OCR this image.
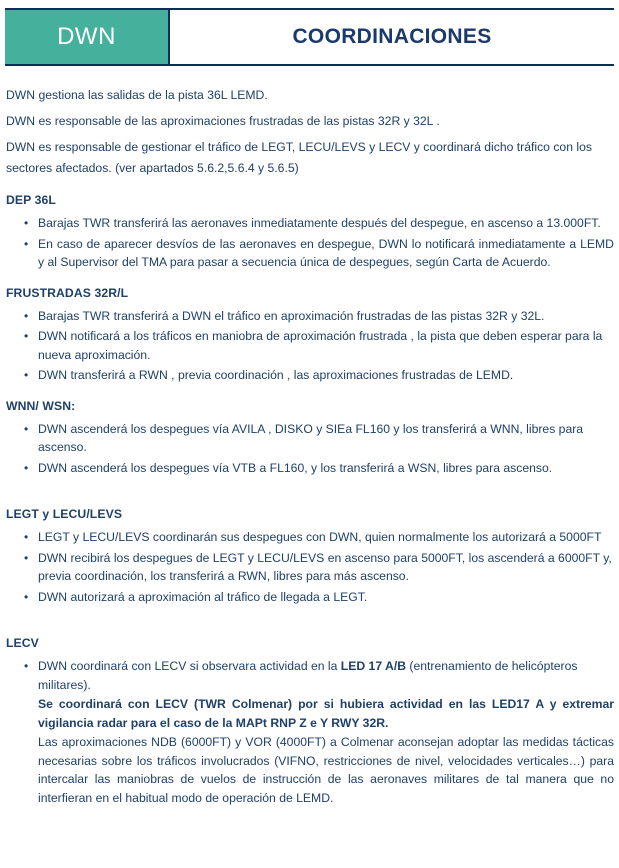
DWN	COORDINACIONES

DWN gestiona las salidas de la pista 36L LEMD.

DWN es responsable de las aproximaciones frustradas de las pistas 32R y 32L .

DWN es responsable de gestionar el tráfico de LEGT, LECU/LEVS y LECV y coordinará dicho tráfico con los sectores afectados. (ver apartados 5.6.2,5.6.4 y 5.6.5)

DEP 36L
• Barajas TWR transferirá las aeronaves inmediatamente después del despegue, en ascenso a 13.000FT.
• En caso de aparecer desvíos de las aeronaves en despegue, DWN lo notificará inmediatamente a LEMD y al Supervisor del TMA para pasar a secuencia única de despegues, según Carta de Acuerdo.
FRUSTRADAS 32R/L
• Barajas TWR transferirá a DWN el tráfico en aproximación frustradas de las pistas 32R y 32L.
• DWN notificará a los tráficos en maniobra de aproximación frustrada , la pista que deben esperar para la nueva aproximación.
• DWN transferirá a RWN , previa coordinación , las aproximaciones frustradas de LEMD.
WNN/ WSN:
• DWN ascenderá los despegues vía AVILA , DISKO y SIEa FL160 y los transferirá a WNN, libres para ascenso.
• DWN ascenderá los despegues vía VTB a FL160, y los transferirá a WSN, libres para ascenso.
LEGT y LECU/LEVS
• LEGT y LECU/LEVS coordinarán sus despegues con DWN, quien normalmente los autorizará a 5000FT
• DWN recibirá los despegues de LEGT y LECU/LEVS en ascenso para 5000FT, los ascenderá a 6000FT y, previa coordinación, los transferirá a RWN, libres para más ascenso.
• DWN autorizará a aproximación al tráfico de llegada a LEGT.
LECV
• DWN coordinará con LECV si observara actividad en la LED 17 A/B (entrenamiento de helicópteros militares).
Se coordinará con LECV (TWR Colmenar) por si hubiera actividad en las LED17 A y extremar vigilancia radar para el caso de la MAPt RNP Z e Y RWY 32R.
Las aproximaciones NDB (6000FT) y VOR (4000FT) a Colmenar aconsejan adoptar las medidas tácticas necesarias sobre los tráficos involucrados (VIFNO, restricciones de nivel, velocidades verticales…) para intercalar las maniobras de vuelos de instrucción de las aeronaves militares de tal manera que no interfieran en el habitual modo de operación de LEMD.
